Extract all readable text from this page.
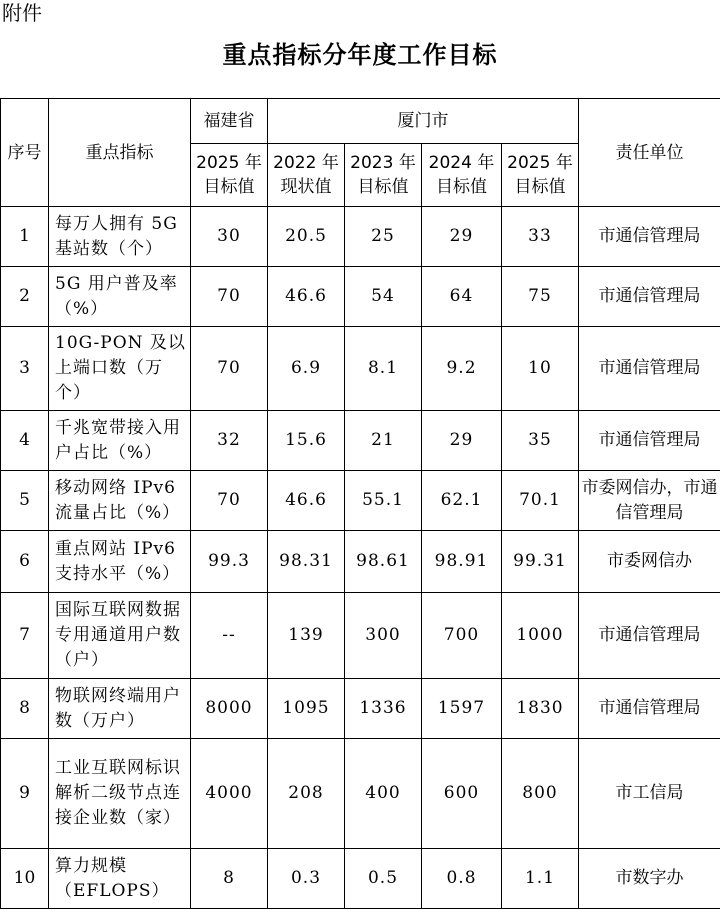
附件
重点指标分年度工作目标
序号	重点指标	福建省	厦门市				责任单位
		2025 年目标值	2022 年现状值	2023 年目标值	2024 年目标值	2025 年目标值	
1	每万人拥有 5G 基站数（个）	30	20.5	25	29	33	市通信管理局
2	5G 用户普及率（%）	70	46.6	54	64	75	市通信管理局
3	10G-PON 及以上端口数（万个）	70	6.9	8.1	9.2	10	市通信管理局
4	千兆宽带接入用户占比（%）	32	15.6	21	29	35	市通信管理局
5	移动网络 IPv6 流量占比（%）	70	46.6	55.1	62.1	70.1	市委网信办，市通信管理局
6	重点网站 IPv6 支持水平（%）	99.3	98.31	98.61	98.91	99.31	市委网信办
7	国际互联网数据专用通道用户数（户）	--	139	300	700	1000	市通信管理局
8	物联网终端用户数（万户）	8000	1095	1336	1597	1830	市通信管理局
9	工业互联网标识解析二级节点连接企业数（家）	4000	208	400	600	800	市工信局
10	算力规模（EFLOPS）	8	0.3	0.5	0.8	1.1	市数字办
